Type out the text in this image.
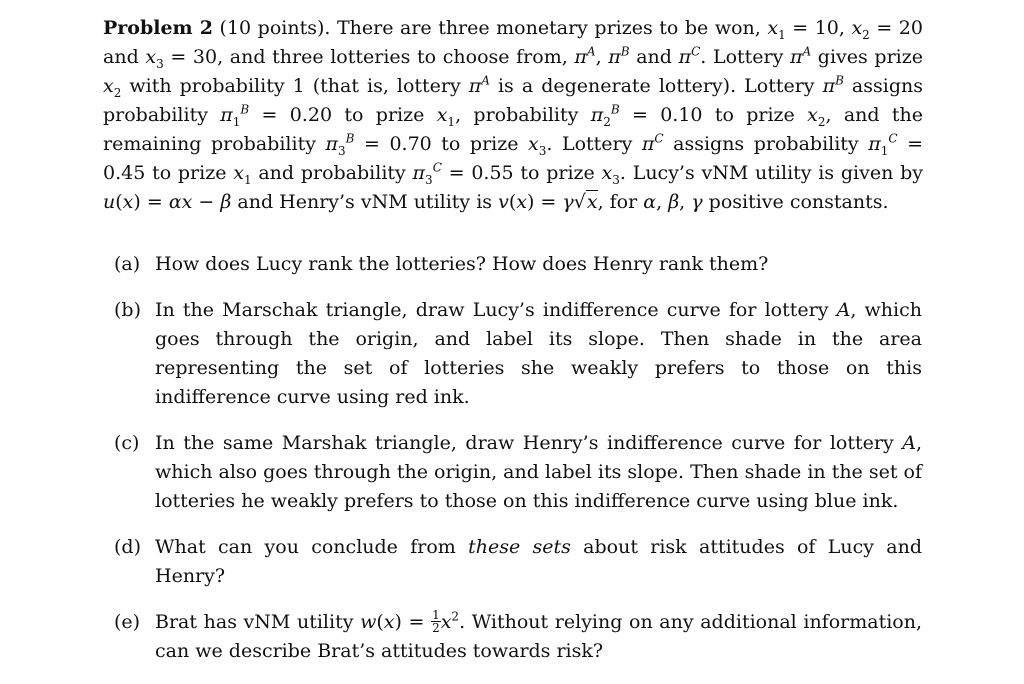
Problem 2 (10 points). There are three monetary prizes to be won, $x_1 = 10$, $x_2 = 20$ and $x_3 = 30$, and three lotteries to choose from, $\pi^A$, $\pi^B$ and $\pi^C$. Lottery $\pi^A$ gives prize $x_2$ with probability 1 (that is, lottery $\pi^A$ is a degenerate lottery). Lottery $\pi^B$ assigns probability $\pi_1^B = 0.20$ to prize $x_1$, probability $\pi_2^B = 0.10$ to prize $x_2$, and the remaining probability $\pi_3^B = 0.70$ to prize $x_3$. Lottery $\pi^C$ assigns probability $\pi_1^C = 0.45$ to prize $x_1$ and probability $\pi_3^C = 0.55$ to prize $x_3$. Lucy’s vNM utility is given by u(x) = αx − β and Henry’s vNM utility is v(x) = γ√x, for α, β, γ positive constants.
(a) How does Lucy rank the lotteries? How does Henry rank them?
(b) In the Marschak triangle, draw Lucy’s indifference curve for lottery A, which goes through the origin, and label its slope. Then shade in the area representing the set of lotteries she weakly prefers to those on this indifference curve using red ink.
(c) In the same Marshak triangle, draw Henry’s indifference curve for lottery A, which also goes through the origin, and label its slope. Then shade in the set of lotteries he weakly prefers to those on this indifference curve using blue ink.
(d) What can you conclude from these sets about risk attitudes of Lucy and Henry?
(e) Brat has vNM utility $w(x) = \frac{1}{2} x^2$. Without relying on any additional information, can we describe Brat’s attitudes towards risk?
